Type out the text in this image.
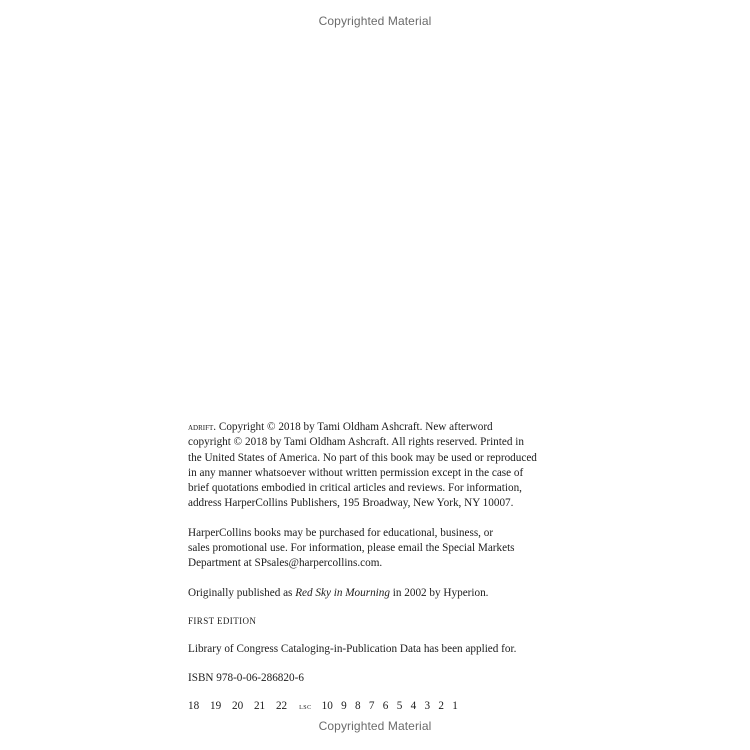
Copyrighted Material

adrift. Copyright © 2018 by Tami Oldham Ashcraft. New afterword
copyright © 2018 by Tami Oldham Ashcraft. All rights reserved. Printed in
the United States of America. No part of this book may be used or reproduced
in any manner whatsoever without written permission except in the case of
brief quotations embodied in critical articles and reviews. For information,
address HarperCollins Publishers, 195 Broadway, New York, NY 10007.

HarperCollins books may be purchased for educational, business, or
sales promotional use. For information, please email the Special Markets
Department at SPsales@harpercollins.com.

Originally published as Red Sky in Mourning in 2002 by Hyperion.

FIRST EDITION

Library of Congress Cataloging-in-Publication Data has been applied for.

ISBN 978-0-06-286820-6

18 19 20 21 22 lsc 10 9 8 7 6 5 4 3 2 1

Copyrighted Material
